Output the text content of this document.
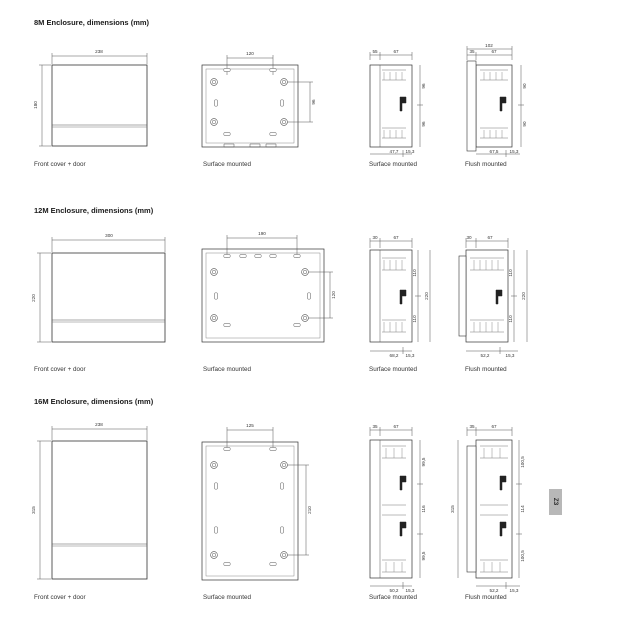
8M Enclosure, dimensions (mm)
12M Enclosure, dimensions (mm)
16M Enclosure, dimensions (mm)
Front cover + door	Surface mounted	Surface mounted	Flush mounted
Front cover + door	Surface mounted	Surface mounted	Flush mounted
Front cover + door	Surface mounted	Surface mounted	Flush mounted
238
180
120
96
55	67
96
96
47,7 15,3
102
35	67
90
90
67,5 15,3
300
220
190
120
30	67
110
110
220
68,2 15,3
30	67
110
110
220
52,2	15,3
238
315
125
210
35	67
99,5
116
99,5
50,2 15,3
35	67
100,5
114
100,5
315
52,2 15,3
Z3
